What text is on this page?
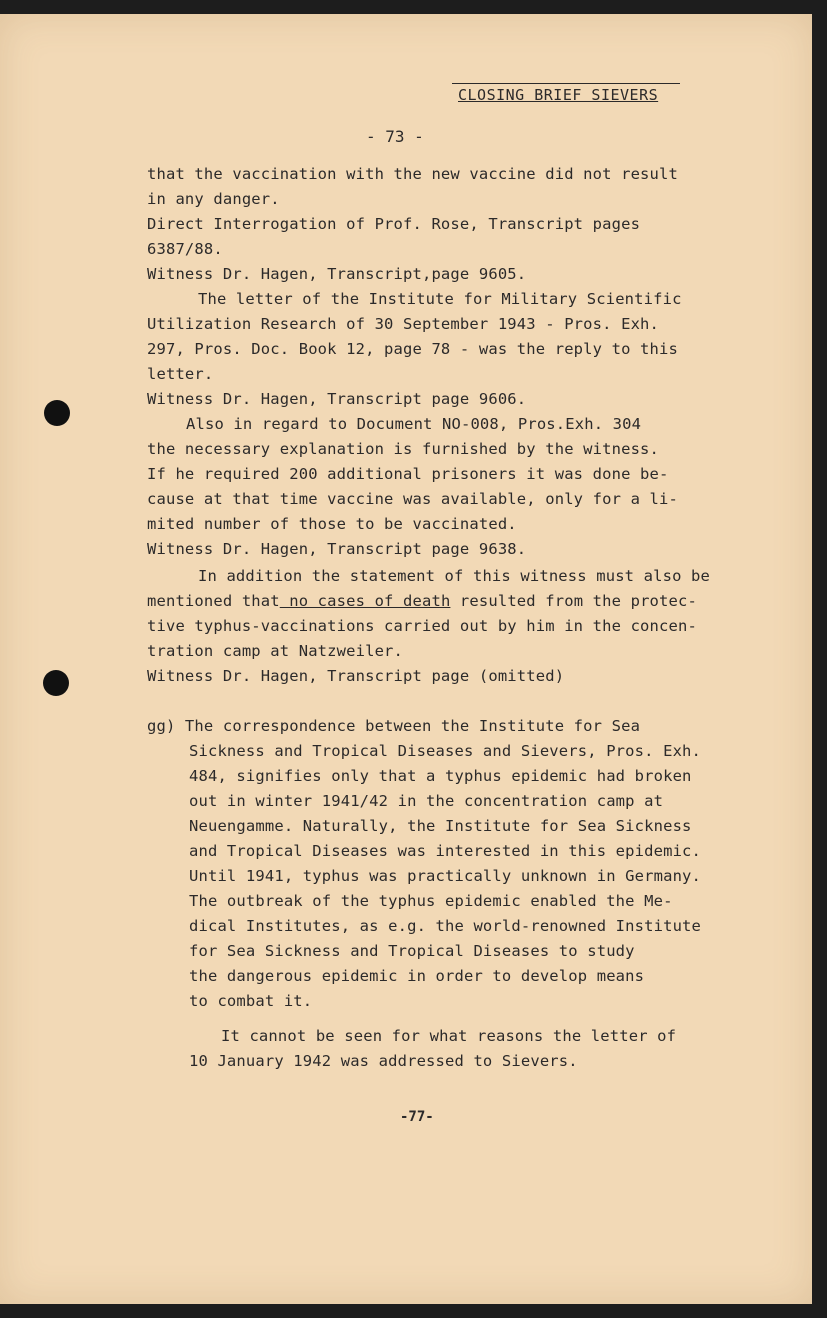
CLOSING BRIEF SIEVERS
- 73 -
that the vaccination with the new vaccine did not result
in any danger.
Direct Interrogation of Prof. Rose, Transcript pages
6387/88.
Witness Dr. Hagen, Transcript,page 9605.
The letter of the Institute for Military Scientific
Utilization Research of 30 September 1943 - Pros. Exh.
297, Pros. Doc. Book 12, page 78 - was the reply to this
letter.
Witness Dr. Hagen, Transcript page 9606.
Also in regard to Document NO-008, Pros.Exh. 304
the necessary explanation is furnished by the witness.
If he required 200 additional prisoners it was done be-
cause at that time vaccine was available, only for a li-
mited number of those to be vaccinated.
Witness Dr. Hagen, Transcript page 9638.
In addition the statement of this witness must also be
mentioned that no cases of death resulted from the protec-
tive typhus-vaccinations carried out by him in the concen-
tration camp at Natzweiler.
Witness Dr. Hagen, Transcript page (omitted)
gg) The correspondence between the Institute for Sea
Sickness and Tropical Diseases and Sievers, Pros. Exh.
484, signifies only that a typhus epidemic had broken
out in winter 1941/42 in the concentration camp at
Neuengamme. Naturally, the Institute for Sea Sickness
and Tropical Diseases was interested in this epidemic.
Until 1941, typhus was practically unknown in Germany.
The outbreak of the typhus epidemic enabled the Me-
dical Institutes, as e.g. the world-renowned Institute
for Sea Sickness and Tropical Diseases to study
the dangerous epidemic in order to develop means
to combat it.
It cannot be seen for what reasons the letter of
10 January 1942 was addressed to Sievers.
-77-
